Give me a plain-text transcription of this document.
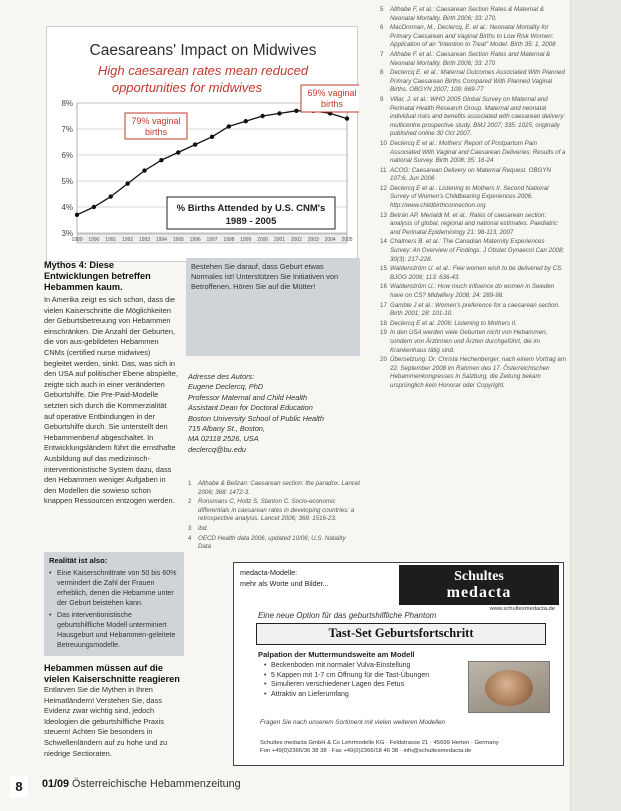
Caesareans' Impact on Midwives
High caesarean rates mean reduced
opportunities for midwives
8%
7%
6%
5%
4%
3%
1989 1990 1991 1992 1993 1994 1995 1996 1997 1998 1999 2000 2001 2002 2003 2004 2005
79% vaginal
births
69% vaginal
births
% Births Attended by U.S. CNM's
1989 - 2005
Mythos 4: Diese Entwicklungen betreffen Hebammen kaum.
In Amerika zeigt es sich schon, dass die vielen Kaiserschnitte die Möglichkeiten der Geburtsbetreuung von Hebammen einschränken. Die Anzahl der Geburten, die von aus-gebildeten Hebammen CNMs (certified nurse midwives) begleitet werden, sinkt. Das, was sich in den USA auf politischer Ebene abspielte, zeigte sich auch in einer veränderten Geburtshilfe. Die Pre-Paid-Modelle setzten sich durch die Kommerzialität auf operative Entbindungen in der Geburtshilfe durch. Sie unterstellt den Hebammenberuf abgeschaltet. In Entwicklungsländern führt die ernsthafte Ausbildung auf das medizinisch-interventionistische System dazu, dass den Hebammen weniger Aufgaben in den Modellen die sowieso schon knappen Ressourcen entzogen werden.
Realität ist also:
• Eine Kaiserschnittrate von 50 bis 60% vermindert die Zahl der Frauen erheblich, denen die Hebamme unter der Geburt beistehen kann.
• Das interventionistische geburtshilfliche Modell unterminiert Hausgeburt und Hebammen-geleitete Betreuungsmodelle.
Hebammen müssen auf die vielen Kaiserschnitte reagieren
Entlarven Sie die Mythen in Ihren Heimatländern! Verstehen Sie, dass Evidenz zwar wichtig sind, jedoch Ideologien die geburtshilfliche Praxis steuern! Achten Sie besonders in Schwellenländern auf zu hohe und zu niedrige Sectioraten.

Bestehen Sie darauf, dass Geburt etwas Normales ist! Unterstützen Sie Initiativen von Betroffenen. Hören Sie auf die Mütter!

Adresse des Autors:

Eugene Declercq, PhD

Professor Maternal and Child Health

Assistant Dean for Doctoral Education

Boston University School of Public Health

715 Albany St., Boston,

MA 02118 2526, USA

declercq@bu.edu

1	Althabe & Belizan: Caesarean section: the paradox. Lancet 2006; 368: 1472-3.
2	Ronsmans C, Holtz S, Stanton C. Socio-economic differentials in caesarean rates in developing countries: a retrospective analysis. Lancet 2006; 368: 1516-23.
3	ibd.
4	OECD Health data 2006, updated 10/06; U.S. Natality Data
5	Althabe F, et al.: Caesarean Section Rates & Maternal & Neonatal Mortality. Birth 2006; 33: 270.
6	MacDorman, M., Declercq, E. et al.: Neonatal Mortality for Primary Caesarean and Vaginal Births to Low Risk Women: Application of an "Intention to Treat" Model. Birth 35: 1, 2008
7	Althabe F. et al.: Caesarean Section Rates and Maternal & Neonatal Mortality. Birth 2006; 33: 270
8	Declercq E. et al.: Maternal Outcomes Associated With Planned Primary Caesarean Births Compared With Planned Vaginal Births. OBGYN 2007; 109: 669-77
9	Villar, J. et al.: WHO 2005 Global Survey on Maternal and Perinatal Health Research Group. Maternal and neonatal individual risks and benefits associated with caesarean delivery: multicentre prospective study. BMJ 2007; 335: 1025; originally published online 30 Oct 2007.
10 Declercq E et al.: Mothers' Report of Postpartum Pain Associated With Vaginal and Caesarean Deliveries: Results of a national Survey. Birth 2008; 35: 16-24
11 ACOG: Caesarean Delivery on Maternal Request. OBGYN 107:6, Jun 2006
12 Declercq E et al.: Listening to Mothers II. Second National Survey of Women's Childbearing Experiences 2006. http://www.childbirthconnection.org
13 Betrán AP, Merialdi M. et al.: Rates of caesarean section: analysis of global, regional and national estimates. Paediatric and Perinatal Epidemiology 21: 98-113, 2007
14 Chalmers B. et al.: The Canadian Maternity Experiences Survey: An Overview of Findings. J Obstet Gynaecol Can 2008; 30(3): 217-228.
15 Waldenström U. et al.: Few women wish to be delivered by CS. BJOG 2006; 113: 636-43.
16 Waldenström U.: How much influence do women in Sweden have on CS? Midwifery 2008; 24: 289-98.
17 Gamble J et al.: Women's preference for a caesarean section. Birth 2001; 28: 101-10.
18 Declercq E et al. 2006: Listening to Mothers II.
19 In den USA werden viele Geburten nicht von Hebammen, sondern von Ärztinnen und Ärzten durchgeführt, die im Krankenhaus tätig sind.
20 Übersetzung: Dr. Christa Hechenberger, nach einem Vortrag am 22. September 2008 im Rahmen des 17. Österreichischen Hebammenkongresses in Salzburg, die Zeitung bekam ursprünglich kein Honorar oder Copyright.
medacta-Modelle:
mehr als Worte und Bilder...	Schultes
medacta
www.schultesmedacta.de
Eine neue Option für das geburtshilfliche Phantom
Tast-Set Geburtsfortschritt
Palpation der Muttermundsweite am Modell
• Beckenboden mit normaler Vulva-Einstellung
• 5 Kappen mit 1-7 cm Öffnung für die Tast-Übungen
• Simulieren verschiedener Lagen des Fetus
• Attraktiv an Lieferumfang
Fragen Sie nach unserem Sortiment mit vielen weiteren Modellen
Schultes medacta GmbH & Co Lehrmodelle KG · Feldstrasse 21 · 45699 Herten · Germany
Fon +49(0)2366/36 38 38 · Fax +49(0)2366/18 46 38 · info@schultesmedacta.de
8	01/09 Österreichische Hebammenzeitung
